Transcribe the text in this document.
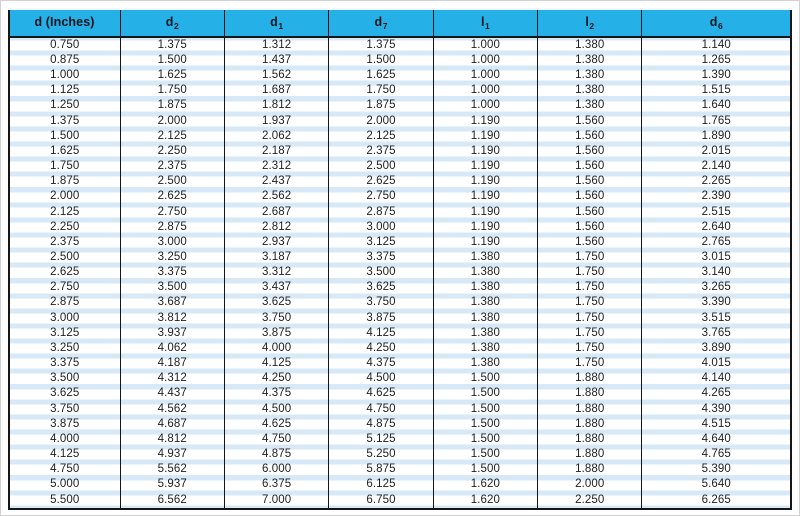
d (Inches)	$d_2$	$d_1$	$d_7$	$l_1$	$l_2$	$d_6$
0.750	1.375	1.312	1.375	1.000	1.380	1.140
0.875	1.500	1.437	1.500	1.000	1.380	1.265
1.000	1.625	1.562	1.625	1.000	1.380	1.390
1.125	1.750	1.687	1.750	1.000	1.380	1.515
1.250	1.875	1.812	1.875	1.000	1.380	1.640
1.375	2.000	1.937	2.000	1.190	1.560	1.765
1.500	2.125	2.062	2.125	1.190	1.560	1.890
1.625	2.250	2.187	2.375	1.190	1.560	2.015
1.750	2.375	2.312	2.500	1.190	1.560	2.140
1.875	2.500	2.437	2.625	1.190	1.560	2.265
2.000	2.625	2.562	2.750	1.190	1.560	2.390
2.125	2.750	2.687	2.875	1.190	1.560	2.515
2.250	2.875	2.812	3.000	1.190	1.560	2.640
2.375	3.000	2.937	3.125	1.190	1.560	2.765
2.500	3.250	3.187	3.375	1.380	1.750	3.015
2.625	3.375	3.312	3.500	1.380	1.750	3.140
2.750	3.500	3.437	3.625	1.380	1.750	3.265
2.875	3.687	3.625	3.750	1.380	1.750	3.390
3.000	3.812	3.750	3.875	1.380	1.750	3.515
3.125	3.937	3.875	4.125	1.380	1.750	3.765
3.250	4.062	4.000	4.250	1.380	1.750	3.890
3.375	4.187	4.125	4.375	1.380	1.750	4.015
3.500	4.312	4.250	4.500	1.500	1.880	4.140
3.625	4.437	4.375	4.625	1.500	1.880	4.265
3.750	4.562	4.500	4.750	1.500	1.880	4.390
3.875	4.687	4.625	4.875	1.500	1.880	4.515
4.000	4.812	4.750	5.125	1.500	1.880	4.640
4.125	4.937	4.875	5.250	1.500	1.880	4.765
4.750	5.562	6.000	5.875	1.500	1.880	5.390
5.000	5.937	6.375	6.125	1.620	2.000	5.640
5.500	6.562	7.000	6.750	1.620	2.250	6.265
